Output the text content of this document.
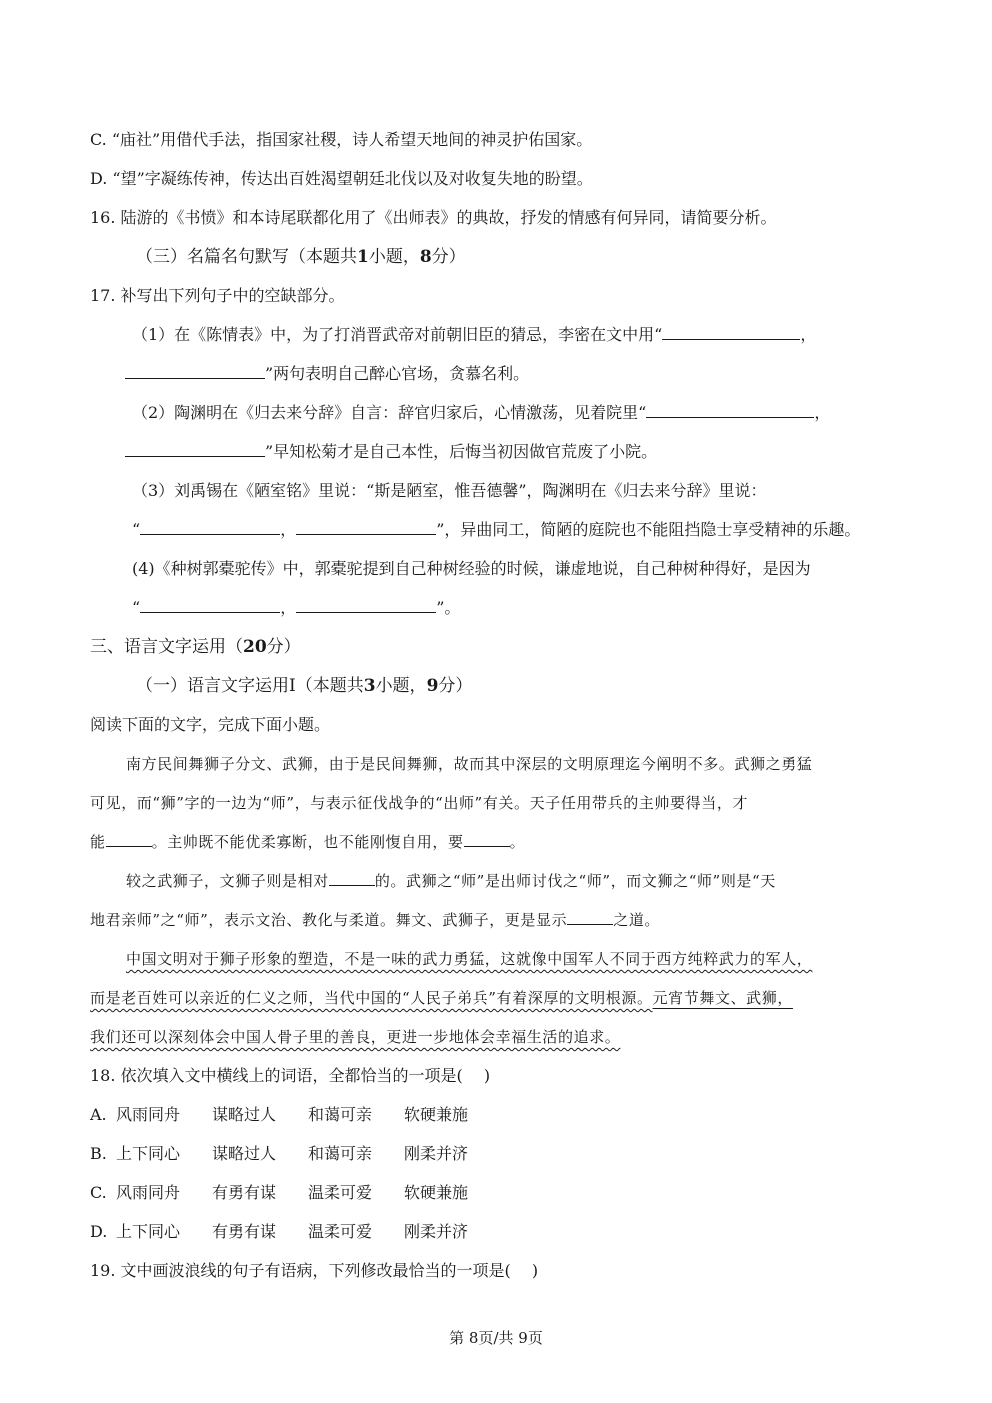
C. “庙社”用借代手法，指国家社稷，诗人希望天地间的神灵护佑国家。
D. “望”字凝练传神，传达出百姓渴望朝廷北伐以及对收复失地的盼望。
16. 陆游的《书愤》和本诗尾联都化用了《出师表》的典故，抒发的情感有何异同，请简要分析。
（三）名篇名句默写（本题共1小题，8分）
17. 补写出下列句子中的空缺部分。
（1）在《陈情表》中，为了打消晋武帝对前朝旧臣的猜忌，李密在文中用“	，
”两句表明自己醉心官场，贪慕名利。
（2）陶渊明在《归去来兮辞》自言：辞官归家后，心情激荡，见着院里“	，
”早知松菊才是自己本性，后悔当初因做官荒废了小院。
（3）刘禹锡在《陋室铭》里说：“斯是陋室，惟吾德馨”，陶渊明在《归去来兮辞》里说：
“	，	”，异曲同工，简陋的庭院也不能阻挡隐士享受精神的乐趣。
(4)《种树郭橐驼传》中，郭橐驼提到自己种树经验的时候，谦虚地说，自己种树种得好，是因为
“	，	”。
三、语言文字运用（20分）
（一）语言文字运用Ⅰ（本题共3小题，9分）
阅读下面的文字，完成下面小题。
南方民间舞狮子分文、武狮，由于是民间舞狮，故而其中深层的文明原理迄今阐明不多。武狮之勇猛
可见，而“狮”字的一边为“师”，与表示征伐战争的“出师”有关。天子任用带兵的主帅要得当，才
能	。主帅既不能优柔寡断，也不能刚愎自用，要	。
较之武狮子，文狮子则是相对	的。武狮之“师”是出师讨伐之“师”，而文狮之“师”则是“天
地君亲师”之“师”，表示文治、教化与柔道。舞文、武狮子，更是显示	之道。
中国文明对于狮子形象的塑造，不是一味的武力勇猛，这就像中国军人不同于西方纯粹武力的军人，
而是老百姓可以亲近的仁义之师，当代中国的“人民子弟兵”有着深厚的文明根源。元宵节舞文、武狮，
我们还可以深刻体会中国人骨子里的善良，更进一步地体会幸福生活的追求。
18. 依次填入文中横线上的词语，全都恰当的一项是(　 )
A. 风雨同舟 谋略过人 和蔼可亲 软硬兼施
B. 上下同心 谋略过人 和蔼可亲 刚柔并济
C. 风雨同舟 有勇有谋 温柔可爱 软硬兼施
D. 上下同心 有勇有谋 温柔可爱 刚柔并济
19. 文中画波浪线的句子有语病，下列修改最恰当的一项是(　 )
第 8页/共 9页
